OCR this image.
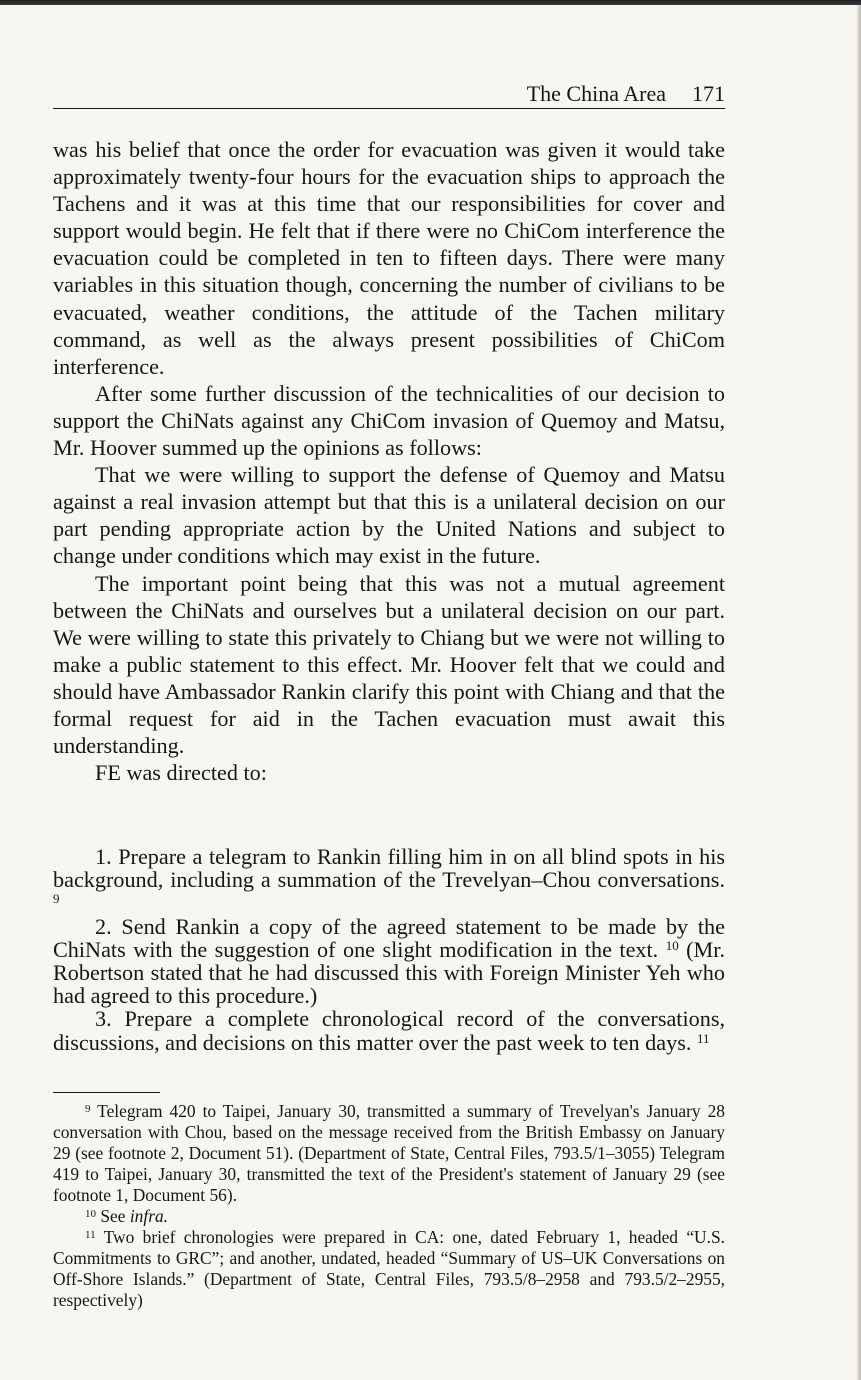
The China Area 171

was his belief that once the order for evacuation was given it would take approximately twenty-four hours for the evacuation ships to approach the Tachens and it was at this time that our responsibilities for cover and support would begin. He felt that if there were no ChiCom interference the evacuation could be completed in ten to fifteen days. There were many variables in this situation though, concerning the number of civilians to be evacuated, weather conditions, the attitude of the Tachen military command, as well as the always present possibilities of ChiCom interference.

After some further discussion of the technicalities of our decision to support the ChiNats against any ChiCom invasion of Quemoy and Matsu, Mr. Hoover summed up the opinions as follows:

That we were willing to support the defense of Quemoy and Matsu against a real invasion attempt but that this is a unilateral decision on our part pending appropriate action by the United Nations and subject to change under conditions which may exist in the future.

The important point being that this was not a mutual agreement between the ChiNats and ourselves but a unilateral decision on our part. We were willing to state this privately to Chiang but we were not willing to make a public statement to this effect. Mr. Hoover felt that we could and should have Ambassador Rankin clarify this point with Chiang and that the formal request for aid in the Tachen evacuation must await this understanding.

FE was directed to:

1. Prepare a telegram to Rankin filling him in on all blind spots in his background, including a summation of the Trevelyan–Chou conversations. $^9$

2. Send Rankin a copy of the agreed statement to be made by the ChiNats with the suggestion of one slight modification in the text. $^{10}$ (Mr. Robertson stated that he had discussed this with Foreign Minister Yeh who had agreed to this procedure.)

3. Prepare a complete chronological record of the conversations, discussions, and decisions on this matter over the past week to ten days. $^{11}$

$^9$ Telegram 420 to Taipei, January 30, transmitted a summary of Trevelyan's January 28 conversation with Chou, based on the message received from the British Embassy on January 29 (see footnote 2, Document 51). (Department of State, Central Files, 793.5/1–3055) Telegram 419 to Taipei, January 30, transmitted the text of the President's statement of January 29 (see footnote 1, Document 56).

$^{10}$ See infra.

$^{11}$ Two brief chronologies were prepared in CA: one, dated February 1, headed “U.S. Commitments to GRC”; and another, undated, headed “Summary of US–UK Conversations on Off-Shore Islands.” (Department of State, Central Files, 793.5/8–2958 and 793.5/2–2955, respectively)
